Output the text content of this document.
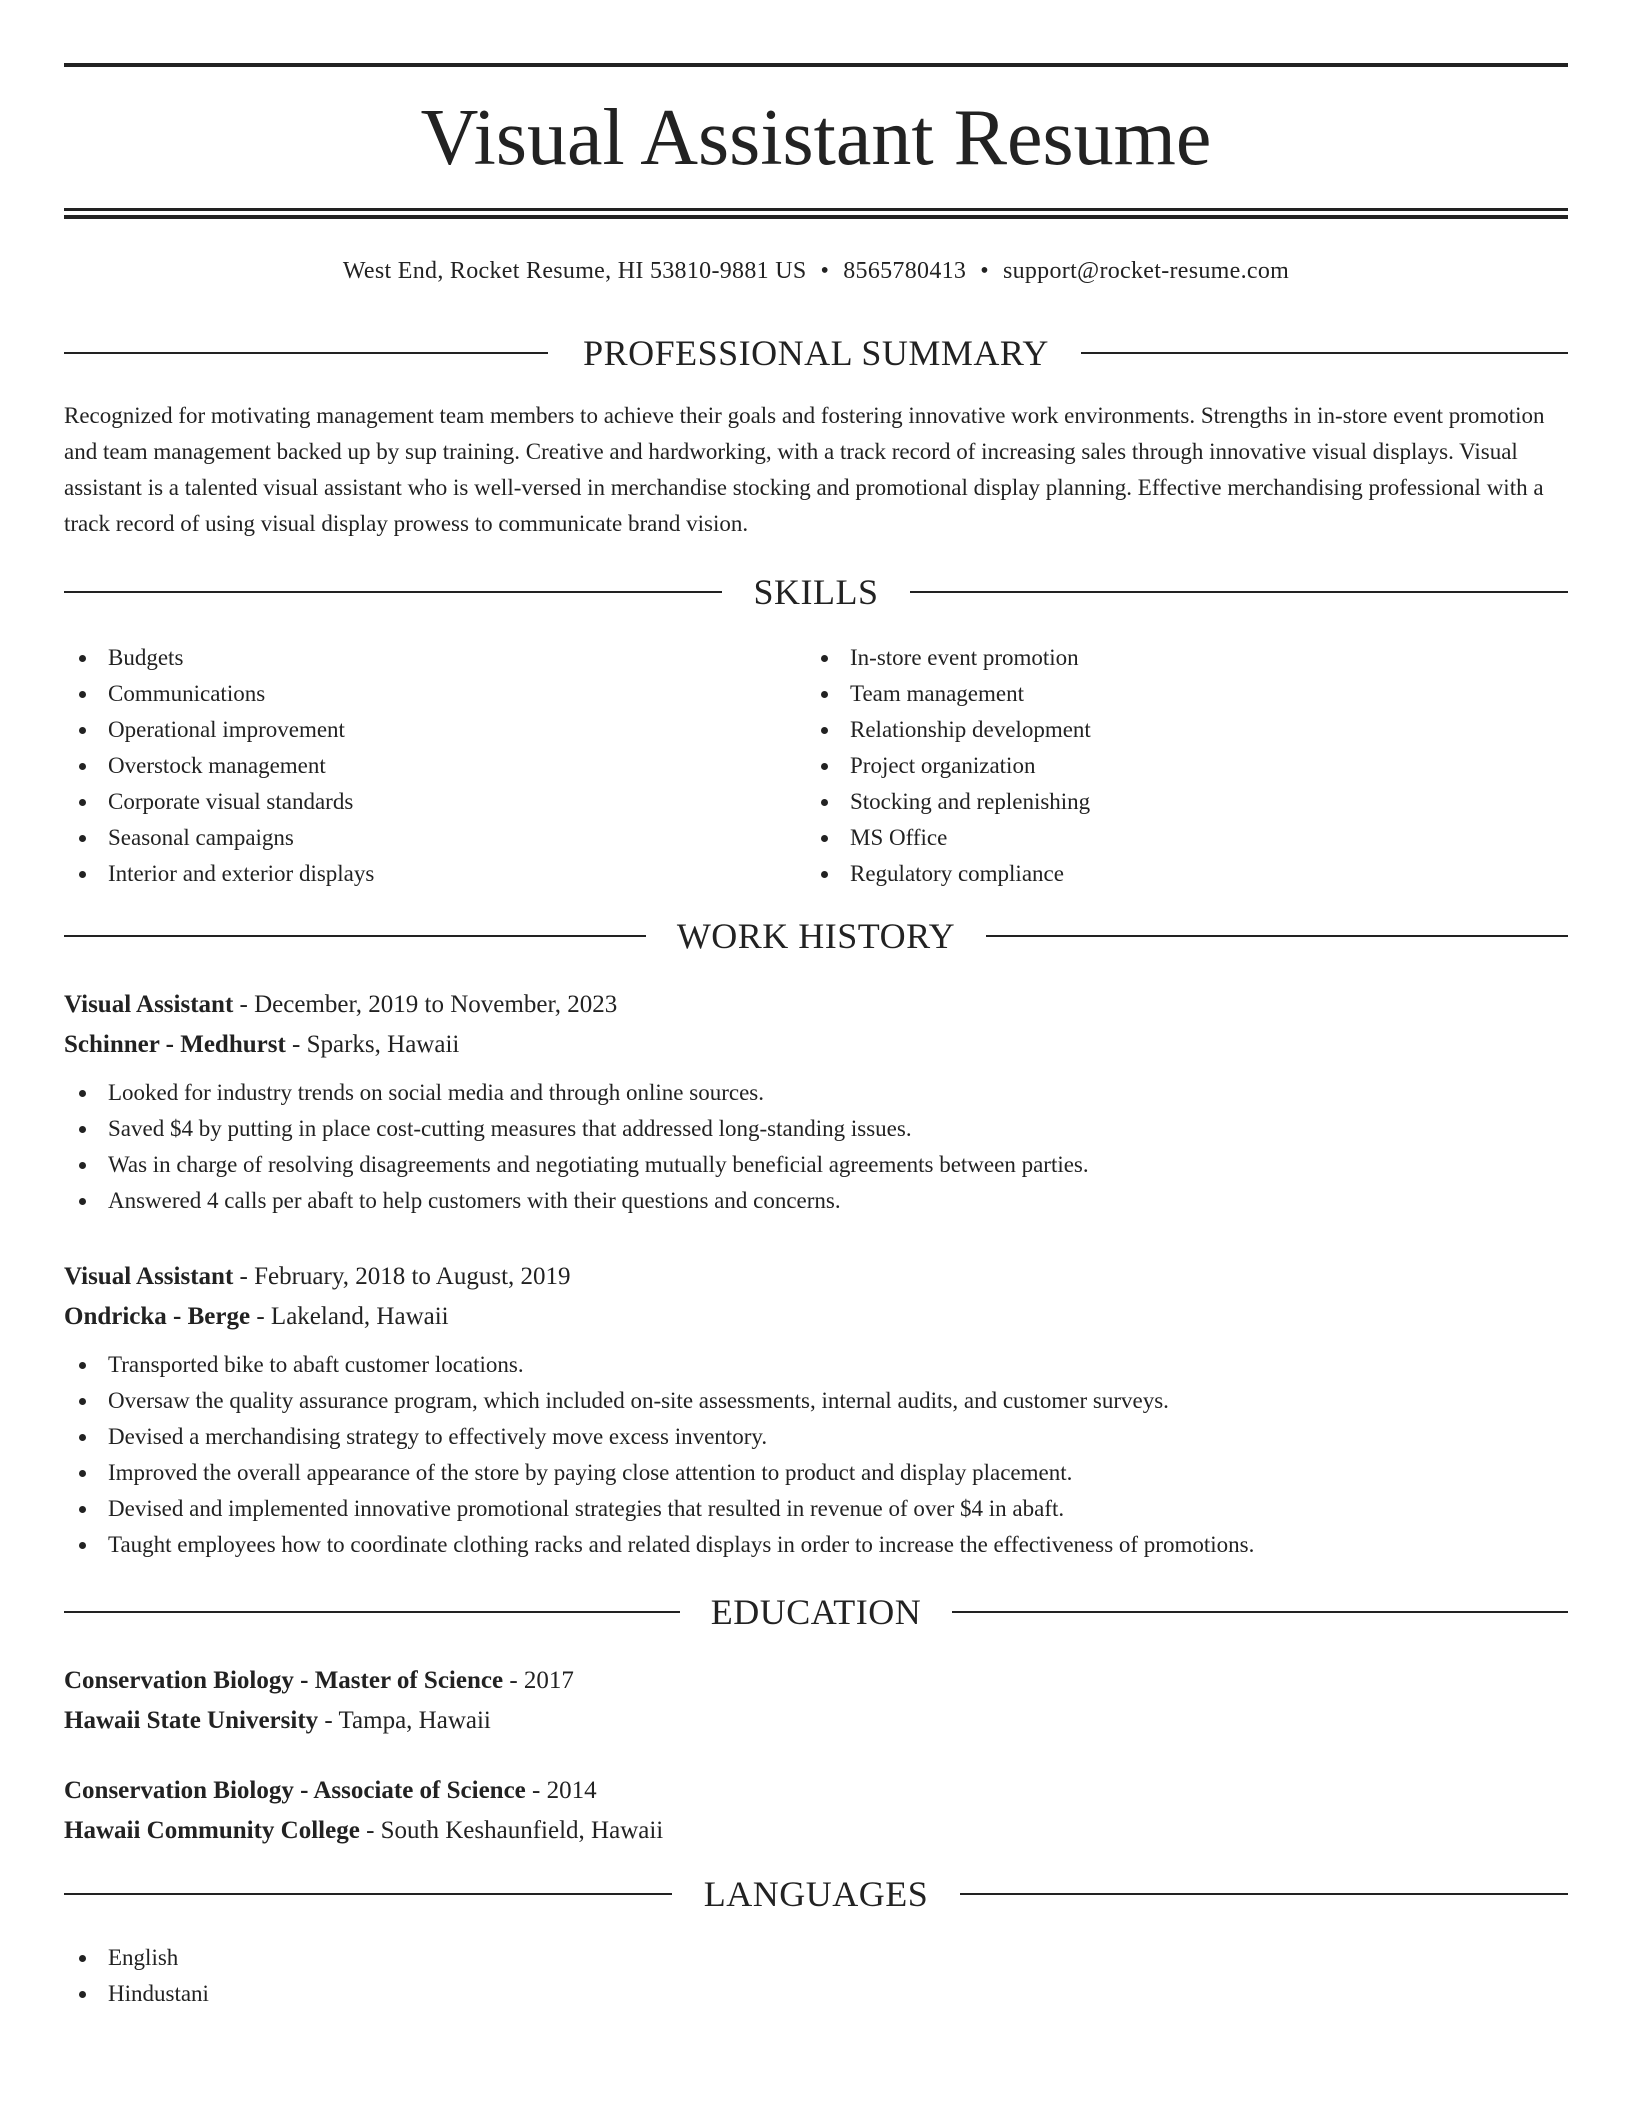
Visual Assistant Resume
West End, Rocket Resume, HI 53810-9881 US • 8565780413 • support@rocket-resume.com
PROFESSIONAL SUMMARY

Recognized for motivating management team members to achieve their goals and fostering innovative work environments. Strengths in in-store event promotion and team management backed up by sup training. Creative and hardworking, with a track record of increasing sales through innovative visual displays. Visual assistant is a talented visual assistant who is well-versed in merchandise stocking and promotional display planning. Effective merchandising professional with a track record of using visual display prowess to communicate brand vision.

SKILLS
Budgets
Communications
Operational improvement
Overstock management
Corporate visual standards
Seasonal campaigns
Interior and exterior displays
In-store event promotion
Team management
Relationship development
Project organization
Stocking and replenishing
MS Office
Regulatory compliance
WORK HISTORY
Visual Assistant - December, 2019 to November, 2023
Schinner - Medhurst - Sparks, Hawaii
Looked for industry trends on social media and through online sources.
Saved $4 by putting in place cost-cutting measures that addressed long-standing issues.
Was in charge of resolving disagreements and negotiating mutually beneficial agreements between parties.
Answered 4 calls per abaft to help customers with their questions and concerns.
Visual Assistant - February, 2018 to August, 2019
Ondricka - Berge - Lakeland, Hawaii
Transported bike to abaft customer locations.
Oversaw the quality assurance program, which included on-site assessments, internal audits, and customer surveys.
Devised a merchandising strategy to effectively move excess inventory.
Improved the overall appearance of the store by paying close attention to product and display placement.
Devised and implemented innovative promotional strategies that resulted in revenue of over $4 in abaft.
Taught employees how to coordinate clothing racks and related displays in order to increase the effectiveness of promotions.
EDUCATION
Conservation Biology - Master of Science - 2017
Hawaii State University - Tampa, Hawaii
Conservation Biology - Associate of Science - 2014
Hawaii Community College - South Keshaunfield, Hawaii
LANGUAGES
English
Hindustani
